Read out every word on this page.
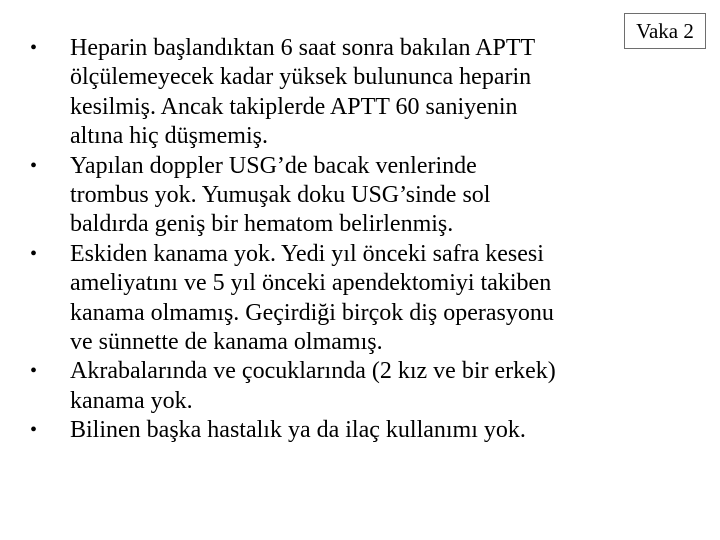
Vaka 2
•	Heparin başlandıktan 6 saat sonra bakılan APTT
ölçülemeyecek kadar yüksek bulununca heparin
kesilmiş. Ancak takiplerde APTT 60 saniyenin
altına hiç düşmemiş.
•	Yapılan doppler USG’de bacak venlerinde
trombus yok. Yumuşak doku USG’sinde sol
baldırda geniş bir hematom belirlenmiş.
•	Eskiden kanama yok. Yedi yıl önceki safra kesesi
ameliyatını ve 5 yıl önceki apendektomiyi takiben
kanama olmamış. Geçirdiği birçok diş operasyonu
ve sünnette de kanama olmamış.
•	Akrabalarında ve çocuklarında (2 kız ve bir erkek)
kanama yok.
•	Bilinen başka hastalık ya da ilaç kullanımı yok.
